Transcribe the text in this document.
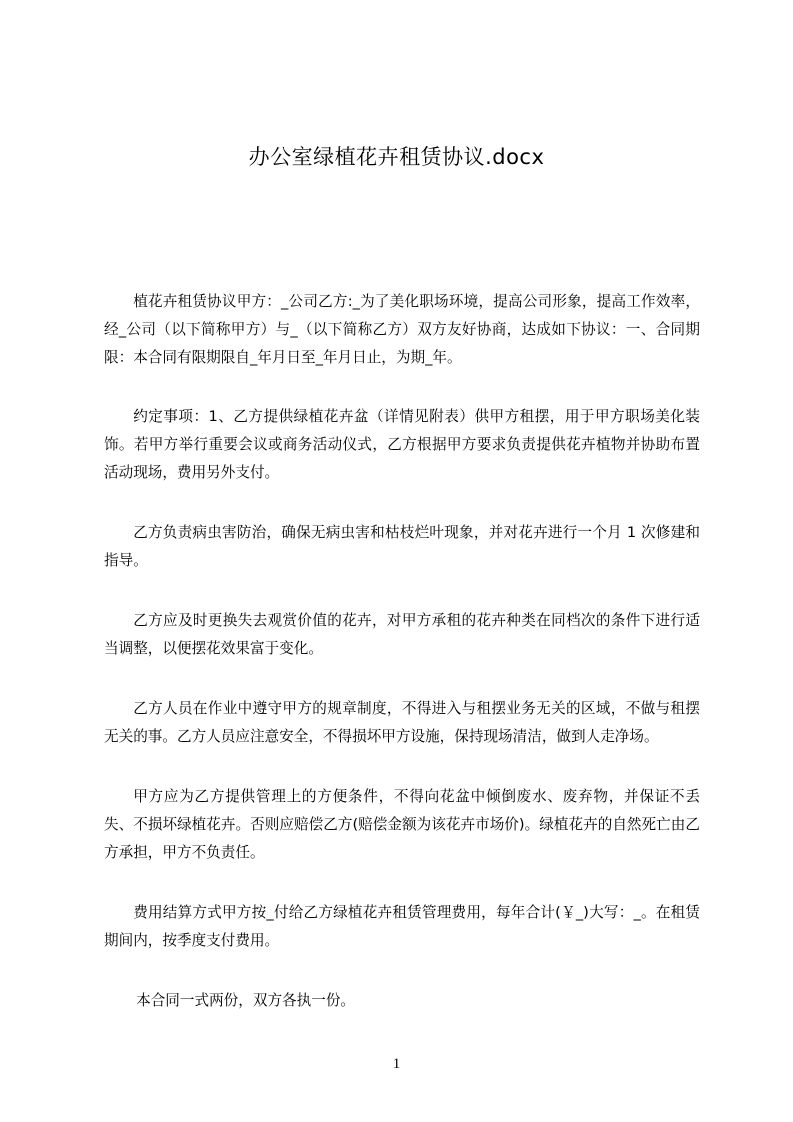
办公室绿植花卉租赁协议.docx

植花卉租赁协议甲方：_公司乙方:_为了美化职场环境，提高公司形象，提高工作效率，经_公司（以下简称甲方）与_（以下简称乙方）双方友好协商，达成如下协议：一、合同期限：本合同有限期限自_年月日至_年月日止，为期_年。

约定事项：1、乙方提供绿植花卉盆（详情见附表）供甲方租摆，用于甲方职场美化装饰。若甲方举行重要会议或商务活动仪式，乙方根据甲方要求负责提供花卉植物并协助布置活动现场，费用另外支付。

乙方负责病虫害防治，确保无病虫害和枯枝烂叶现象，并对花卉进行一个月 1 次修建和指导。

乙方应及时更换失去观赏价值的花卉，对甲方承租的花卉种类在同档次的条件下进行适当调整，以便摆花效果富于变化。

乙方人员在作业中遵守甲方的规章制度，不得进入与租摆业务无关的区域，不做与租摆无关的事。乙方人员应注意安全，不得损坏甲方设施，保持现场清洁，做到人走净场。

甲方应为乙方提供管理上的方便条件，不得向花盆中倾倒废水、废弃物，并保证不丢失、不损坏绿植花卉。否则应赔偿乙方(赔偿金额为该花卉市场价)。绿植花卉的自然死亡由乙方承担，甲方不负责任。

费用结算方式甲方按_付给乙方绿植花卉租赁管理费用，每年合计(￥_)大写：_。在租赁期间内，按季度支付费用。

本合同一式两份，双方各执一份。

1
